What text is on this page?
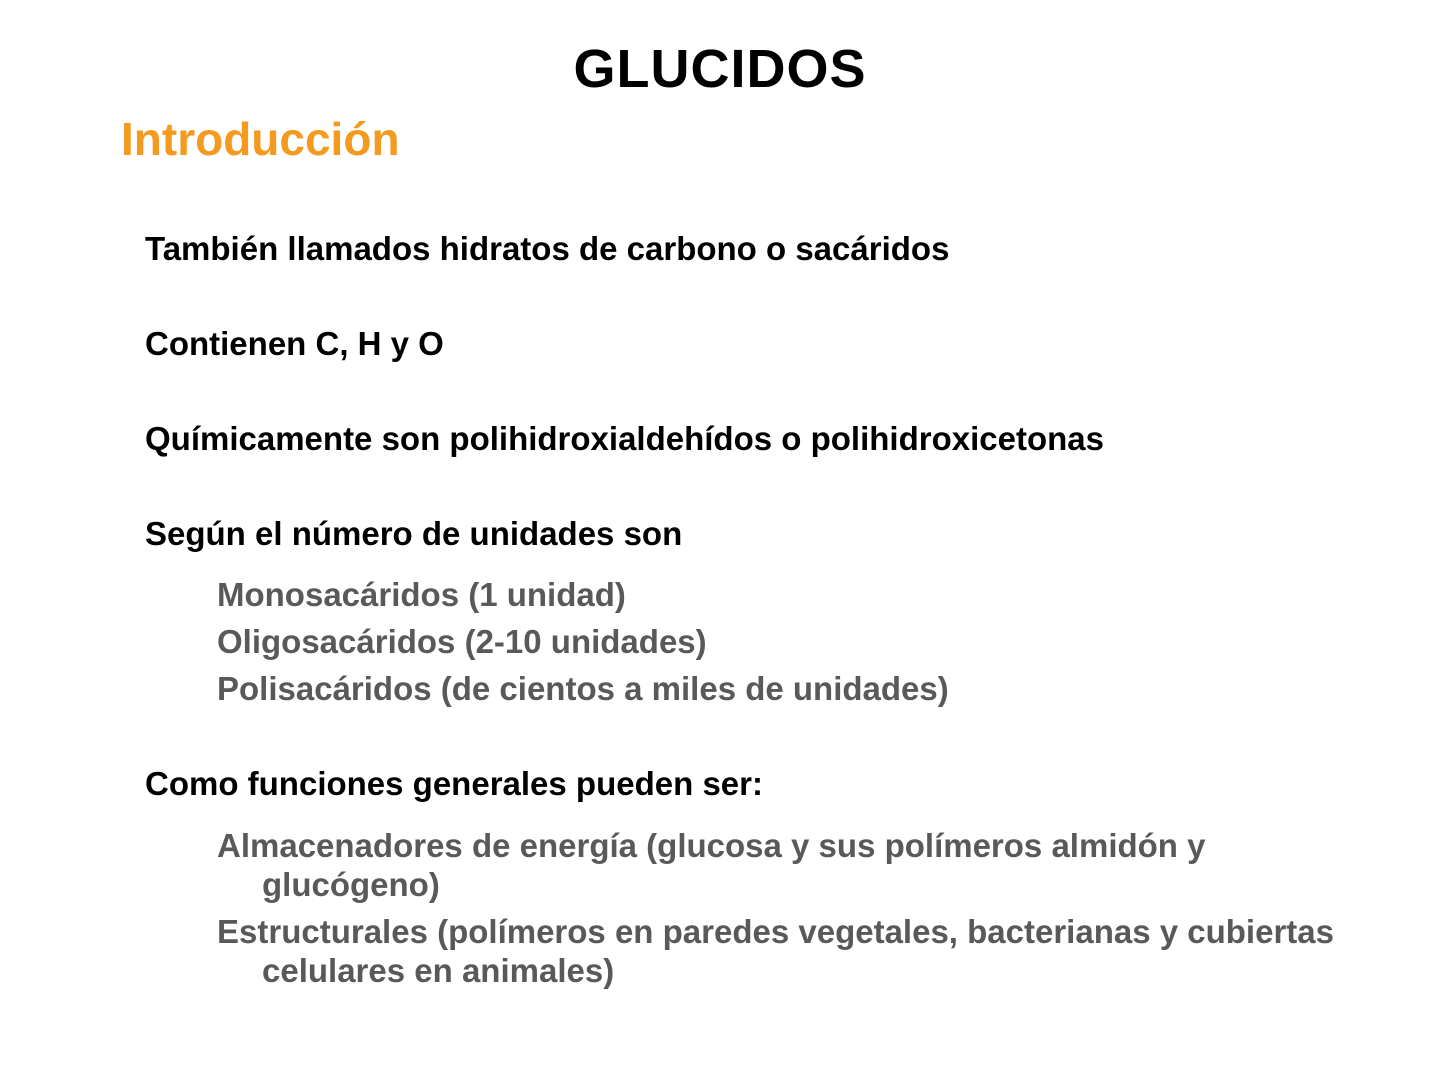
GLUCIDOS
Introducción
También llamados hidratos de carbono o sacáridos
Contienen C, H y O
Químicamente son polihidroxialdehídos o polihidroxicetonas
Según el número de unidades son
Monosacáridos (1 unidad)
Oligosacáridos (2-10 unidades)
Polisacáridos (de cientos a miles de unidades)
Como funciones generales pueden ser:
Almacenadores de energía (glucosa y sus polímeros almidón y glucógeno)
Estructurales (polímeros en paredes vegetales, bacterianas y cubiertas celulares en animales)
